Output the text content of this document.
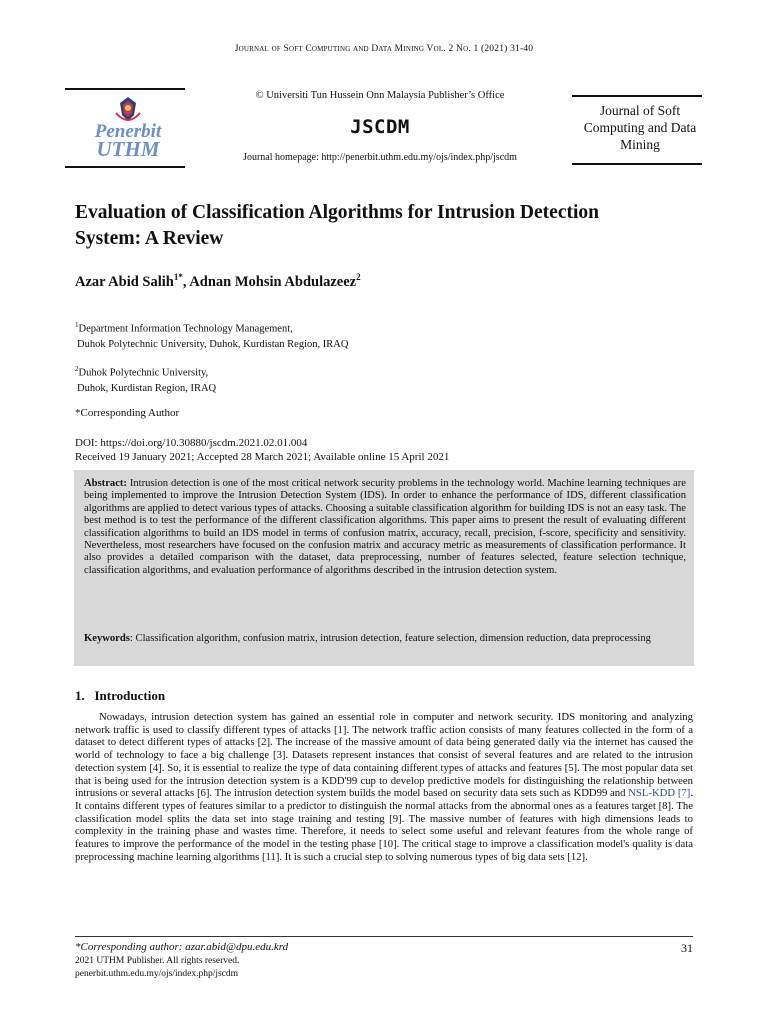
Journal of Soft Computing and Data Mining Vol. 2 No. 1 (2021) 31-40
Penerbit
UTHM
© Universiti Tun Hussein Onn Malaysia Publisher’s Office
JSCDM
Journal homepage: http://penerbit.uthm.edu.my/ojs/index.php/jscdm
Journal of Soft Computing and Data Mining
Evaluation of Classification Algorithms for Intrusion Detection System: A Review
Azar Abid Salih$^{1*}$, Adnan Mohsin Abdulazeez$^2$
$^1$Department Information Technology Management,
Duhok Polytechnic University, Duhok, Kurdistan Region, IRAQ
$^2$Duhok Polytechnic University,
Duhok, Kurdistan Region, IRAQ
*Corresponding Author
DOI: https://doi.org/10.30880/jscdm.2021.02.01.004
Received 19 January 2021; Accepted 28 March 2021; Available online 15 April 2021
Abstract: Intrusion detection is one of the most critical network security problems in the technology world. Machine learning techniques are being implemented to improve the Intrusion Detection System (IDS). In order to enhance the performance of IDS, different classification algorithms are applied to detect various types of attacks. Choosing a suitable classification algorithm for building IDS is not an easy task. The best method is to test the performance of the different classification algorithms. This paper aims to present the result of evaluating different classification algorithms to build an IDS model in terms of confusion matrix, accuracy, recall, precision, f-score, specificity and sensitivity. Nevertheless, most researchers have focused on the confusion matrix and accuracy metric as measurements of classification performance. It also provides a detailed comparison with the dataset, data preprocessing, number of features selected, feature selection technique, classification algorithms, and evaluation performance of algorithms described in the intrusion detection system.
Keywords: Classification algorithm, confusion matrix, intrusion detection, feature selection, dimension reduction, data preprocessing
1. Introduction
Nowadays, intrusion detection system has gained an essential role in computer and network security. IDS monitoring and analyzing network traffic is used to classify different types of attacks [1]. The network traffic action consists of many features collected in the form of a dataset to detect different types of attacks [2]. The increase of the massive amount of data being generated daily via the internet has caused the world of technology to face a big challenge [3]. Datasets represent instances that consist of several features and are related to the intrusion detection system [4]. So, it is essential to realize the type of data containing different types of attacks and features [5]. The most popular data set that is being used for the intrusion detection system is a KDD'99 cup to develop predictive models for distinguishing the relationship between intrusions or several attacks [6]. The intrusion detection system builds the model based on security data sets such as KDD99 and NSL-KDD [7]. It contains different types of features similar to a predictor to distinguish the normal attacks from the abnormal ones as a features target [8]. The classification model splits the data set into stage training and testing [9]. The massive number of features with high dimensions leads to complexity in the training phase and wastes time. Therefore, it needs to select some useful and relevant features from the whole range of features to improve the performance of the model in the testing phase [10]. The critical stage to improve a classification model's quality is data preprocessing machine learning algorithms [11]. It is such a crucial step to solving numerous types of big data sets [12].
*Corresponding author: azar.abid@dpu.edu.krd	31
2021 UTHM Publisher. All rights reserved.
penerbit.uthm.edu.my/ojs/index.php/jscdm
